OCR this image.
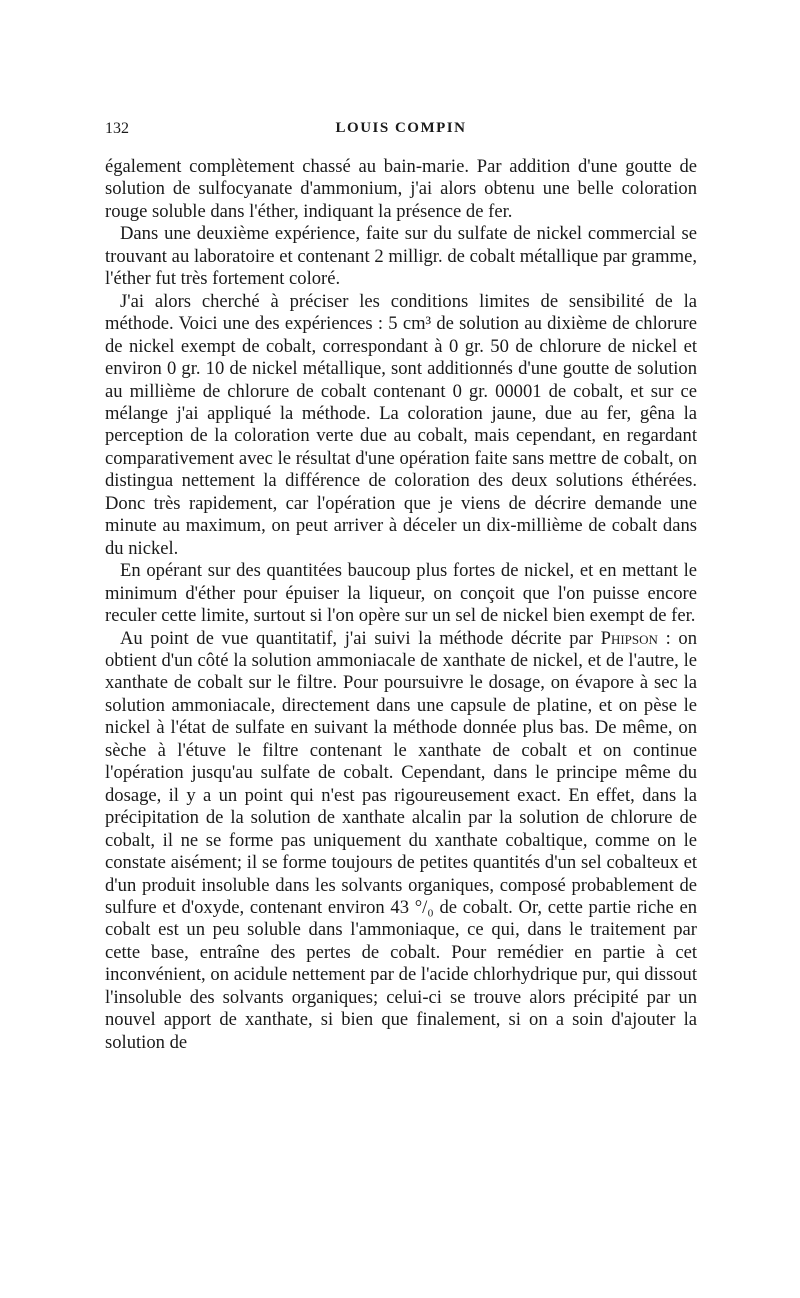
132	LOUIS COMPIN

également complètement chassé au bain-marie. Par addition d'une goutte de solution de sulfocyanate d'ammonium, j'ai alors obtenu une belle coloration rouge soluble dans l'éther, indiquant la présence de fer.

Dans une deuxième expérience, faite sur du sulfate de nickel commercial se trouvant au laboratoire et contenant 2 milligr. de cobalt métallique par gramme, l'éther fut très fortement coloré.

J'ai alors cherché à préciser les conditions limites de sensibilité de la méthode. Voici une des expériences : 5 cm³ de solution au dixième de chlorure de nickel exempt de cobalt, correspondant à 0 gr. 50 de chlorure de nickel et environ 0 gr. 10 de nickel métallique, sont additionnés d'une goutte de solution au millième de chlorure de cobalt contenant 0 gr. 00001 de cobalt, et sur ce mélange j'ai appliqué la méthode. La coloration jaune, due au fer, gêna la perception de la coloration verte due au cobalt, mais cependant, en regardant comparativement avec le résultat d'une opération faite sans mettre de cobalt, on distingua nettement la différence de coloration des deux solutions éthérées. Donc très rapidement, car l'opération que je viens de décrire demande une minute au maximum, on peut arriver à déceler un dix-millième de cobalt dans du nickel.

En opérant sur des quantitées baucoup plus fortes de nickel, et en mettant le minimum d'éther pour épuiser la liqueur, on conçoit que l'on puisse encore reculer cette limite, surtout si l'on opère sur un sel de nickel bien exempt de fer.

Au point de vue quantitatif, j'ai suivi la méthode décrite par Phipson : on obtient d'un côté la solution ammoniacale de xanthate de nickel, et de l'autre, le xanthate de cobalt sur le filtre. Pour poursuivre le dosage, on évapore à sec la solution ammoniacale, directement dans une capsule de platine, et on pèse le nickel à l'état de sulfate en suivant la méthode donnée plus bas. De même, on sèche à l'étuve le filtre contenant le xanthate de cobalt et on continue l'opération jusqu'au sulfate de cobalt. Cependant, dans le principe même du dosage, il y a un point qui n'est pas rigoureusement exact. En effet, dans la précipitation de la solution de xanthate alcalin par la solution de chlorure de cobalt, il ne se forme pas uniquement du xanthate cobaltique, comme on le constate aisément; il se forme toujours de petites quantités d'un sel cobalteux et d'un produit insoluble dans les solvants organiques, composé probablement de sulfure et d'oxyde, contenant environ 43 °/₀ de cobalt. Or, cette partie riche en cobalt est un peu soluble dans l'ammoniaque, ce qui, dans le traitement par cette base, entraîne des pertes de cobalt. Pour remédier en partie à cet inconvénient, on acidule nettement par de l'acide chlorhydrique pur, qui dissout l'insoluble des solvants organiques; celui-ci se trouve alors précipité par un nouvel apport de xanthate, si bien que finalement, si on a soin d'ajouter la solution de
